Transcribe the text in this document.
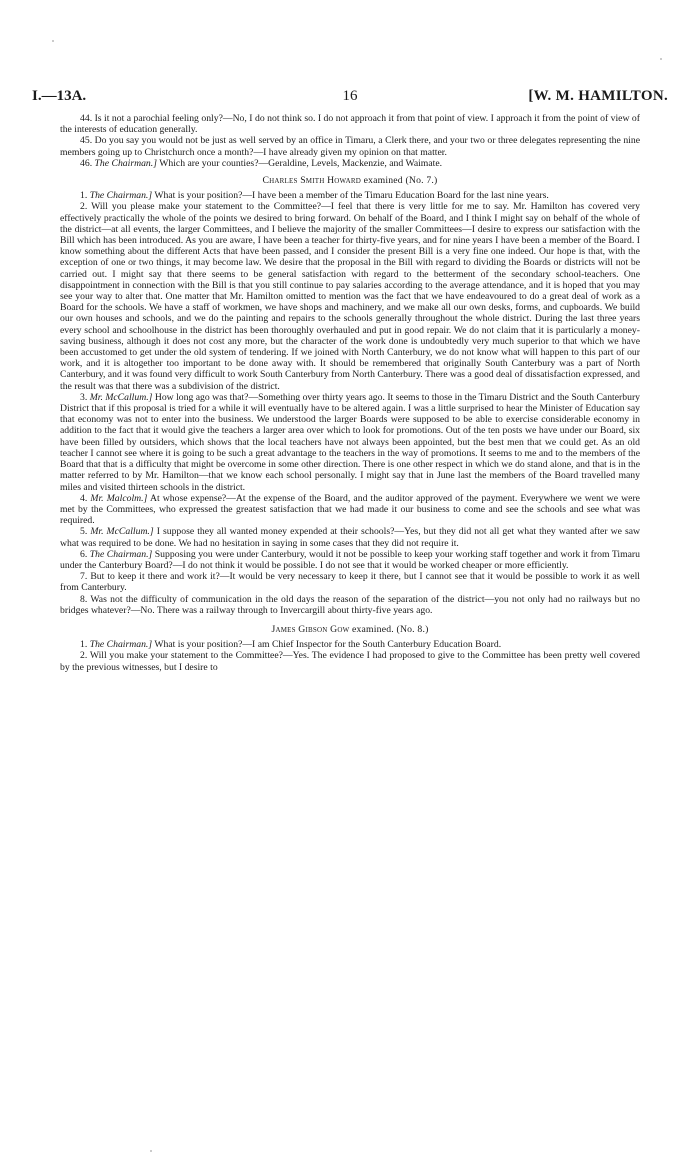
I.—13A.	16	[W. M. HAMILTON.

44. Is it not a parochial feeling only?—No, I do not think so. I do not approach it from that point of view. I approach it from the point of view of the interests of education generally.

45. Do you say you would not be just as well served by an office in Timaru, a Clerk there, and your two or three delegates representing the nine members going up to Christchurch once a month?—I have already given my opinion on that matter.

46. The Chairman.] Which are your counties?—Geraldine, Levels, Mackenzie, and Waimate.

Charles Smith Howard examined (No. 7.)

1. The Chairman.] What is your position?—I have been a member of the Timaru Education Board for the last nine years.

2. Will you please make your statement to the Committee?—I feel that there is very little for me to say. Mr. Hamilton has covered very effectively practically the whole of the points we desired to bring forward. On behalf of the Board, and I think I might say on behalf of the whole of the district—at all events, the larger Committees, and I believe the majority of the smaller Committees—I desire to express our satisfaction with the Bill which has been introduced. As you are aware, I have been a teacher for thirty-five years, and for nine years I have been a member of the Board. I know something about the different Acts that have been passed, and I consider the present Bill is a very fine one indeed. Our hope is that, with the exception of one or two things, it may become law. We desire that the proposal in the Bill with regard to dividing the Boards or districts will not be carried out. I might say that there seems to be general satisfaction with regard to the betterment of the secondary school-teachers. One disappointment in connection with the Bill is that you still continue to pay salaries according to the average attendance, and it is hoped that you may see your way to alter that. One matter that Mr. Hamilton omitted to mention was the fact that we have endeavoured to do a great deal of work as a Board for the schools. We have a staff of workmen, we have shops and machinery, and we make all our own desks, forms, and cupboards. We build our own houses and schools, and we do the painting and repairs to the schools generally throughout the whole district. During the last three years every school and schoolhouse in the district has been thoroughly overhauled and put in good repair. We do not claim that it is particularly a money-saving business, although it does not cost any more, but the character of the work done is undoubtedly very much superior to that which we have been accustomed to get under the old system of tendering. If we joined with North Canterbury, we do not know what will happen to this part of our work, and it is altogether too important to be done away with. It should be remembered that originally South Canterbury was a part of North Canterbury, and it was found very difficult to work South Canterbury from North Canterbury. There was a good deal of dissatisfaction expressed, and the result was that there was a subdivision of the district.

3. Mr. McCallum.] How long ago was that?—Something over thirty years ago. It seems to those in the Timaru District and the South Canterbury District that if this proposal is tried for a while it will eventually have to be altered again. I was a little surprised to hear the Minister of Education say that economy was not to enter into the business. We understood the larger Boards were supposed to be able to exercise considerable economy in addition to the fact that it would give the teachers a larger area over which to look for promotions. Out of the ten posts we have under our Board, six have been filled by outsiders, which shows that the local teachers have not always been appointed, but the best men that we could get. As an old teacher I cannot see where it is going to be such a great advantage to the teachers in the way of promotions. It seems to me and to the members of the Board that that is a difficulty that might be overcome in some other direction. There is one other respect in which we do stand alone, and that is in the matter referred to by Mr. Hamilton—that we know each school personally. I might say that in June last the members of the Board travelled many miles and visited thirteen schools in the district.

4. Mr. Malcolm.] At whose expense?—At the expense of the Board, and the auditor approved of the payment. Everywhere we went we were met by the Committees, who expressed the greatest satisfaction that we had made it our business to come and see the schools and see what was required.

5. Mr. McCallum.] I suppose they all wanted money expended at their schools?—Yes, but they did not all get what they wanted after we saw what was required to be done. We had no hesitation in saying in some cases that they did not require it.

6. The Chairman.] Supposing you were under Canterbury, would it not be possible to keep your working staff together and work it from Timaru under the Canterbury Board?—I do not think it would be possible. I do not see that it would be worked cheaper or more efficiently.

7. But to keep it there and work it?—It would be very necessary to keep it there, but I cannot see that it would be possible to work it as well from Canterbury.

8. Was not the difficulty of communication in the old days the reason of the separation of the district—you not only had no railways but no bridges whatever?—No. There was a railway through to Invercargill about thirty-five years ago.

James Gibson Gow examined. (No. 8.)

1. The Chairman.] What is your position?—I am Chief Inspector for the South Canterbury Education Board.

2. Will you make your statement to the Committee?—Yes. The evidence I had proposed to give to the Committee has been pretty well covered by the previous witnesses, but I desire to
